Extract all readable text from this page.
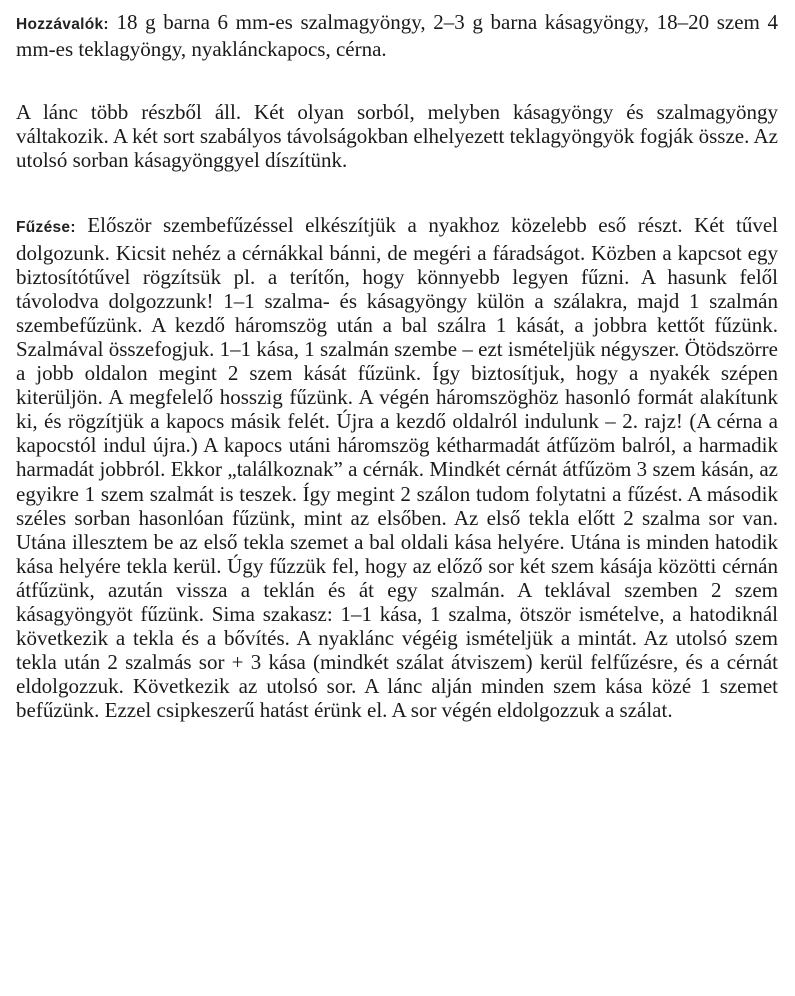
Hozzávalók: 18 g barna 6 mm-es szalmagyöngy, 2–3 g barna kásagyöngy, 18–20 szem 4 mm-es teklagyöngy, nyaklánckapocs, cérna.

A lánc több részből áll. Két olyan sorból, melyben kásagyöngy és szalmagyöngy váltakozik. A két sort szabályos távolságokban elhelyezett teklagyöngyök fogják össze. Az utolsó sorban kásagyönggyel díszítünk.

Fűzése: Először szembefűzéssel elkészítjük a nyakhoz közelebb eső részt. Két tűvel dolgozunk. Kicsit nehéz a cérnákkal bánni, de megéri a fáradságot. Közben a kapcsot egy biztosítótűvel rögzítsük pl. a terítőn, hogy könnyebb legyen fűzni. A hasunk felől távolodva dolgozzunk! 1–1 szalma- és kásagyöngy külön a szálakra, majd 1 szalmán szembefűzünk. A kezdő háromszög után a bal szálra 1 kását, a jobbra kettőt fűzünk. Szalmával összefogjuk. 1–1 kása, 1 szalmán szembe – ezt ismételjük négyszer. Ötödszörre a jobb oldalon megint 2 szem kását fűzünk. Így biztosítjuk, hogy a nyakék szépen kiterüljön. A megfelelő hosszig fűzünk. A végén háromszöghöz hasonló formát alakítunk ki, és rögzítjük a kapocs másik felét. Újra a kezdő oldalról indulunk – 2. rajz! (A cérna a kapocstól indul újra.) A kapocs utáni háromszög kétharmadát átfűzöm balról, a harmadik harmadát jobbról. Ekkor „találkoznak” a cérnák. Mindkét cérnát átfűzöm 3 szem kásán, az egyikre 1 szem szalmát is teszek. Így megint 2 szálon tudom folytatni a fűzést. A második széles sorban hasonlóan fűzünk, mint az elsőben. Az első tekla előtt 2 szalma sor van. Utána illesztem be az első tekla szemet a bal oldali kása helyére. Utána is minden hatodik kása helyére tekla kerül. Úgy fűzzük fel, hogy az előző sor két szem kásája közötti cérnán átfűzünk, azután vissza a teklán és át egy szalmán. A teklával szemben 2 szem kásagyöngyöt fűzünk. Sima szakasz: 1–1 kása, 1 szalma, ötször ismételve, a hatodiknál következik a tekla és a bővítés. A nyaklánc végéig ismételjük a mintát. Az utolsó szem tekla után 2 szalmás sor + 3 kása (mindkét szálat átviszem) kerül felfűzésre, és a cérnát eldolgozzuk. Következik az utolsó sor. A lánc alján minden szem kása közé 1 szemet befűzünk. Ezzel csipkeszerű hatást érünk el. A sor végén eldolgozzuk a szálat.
